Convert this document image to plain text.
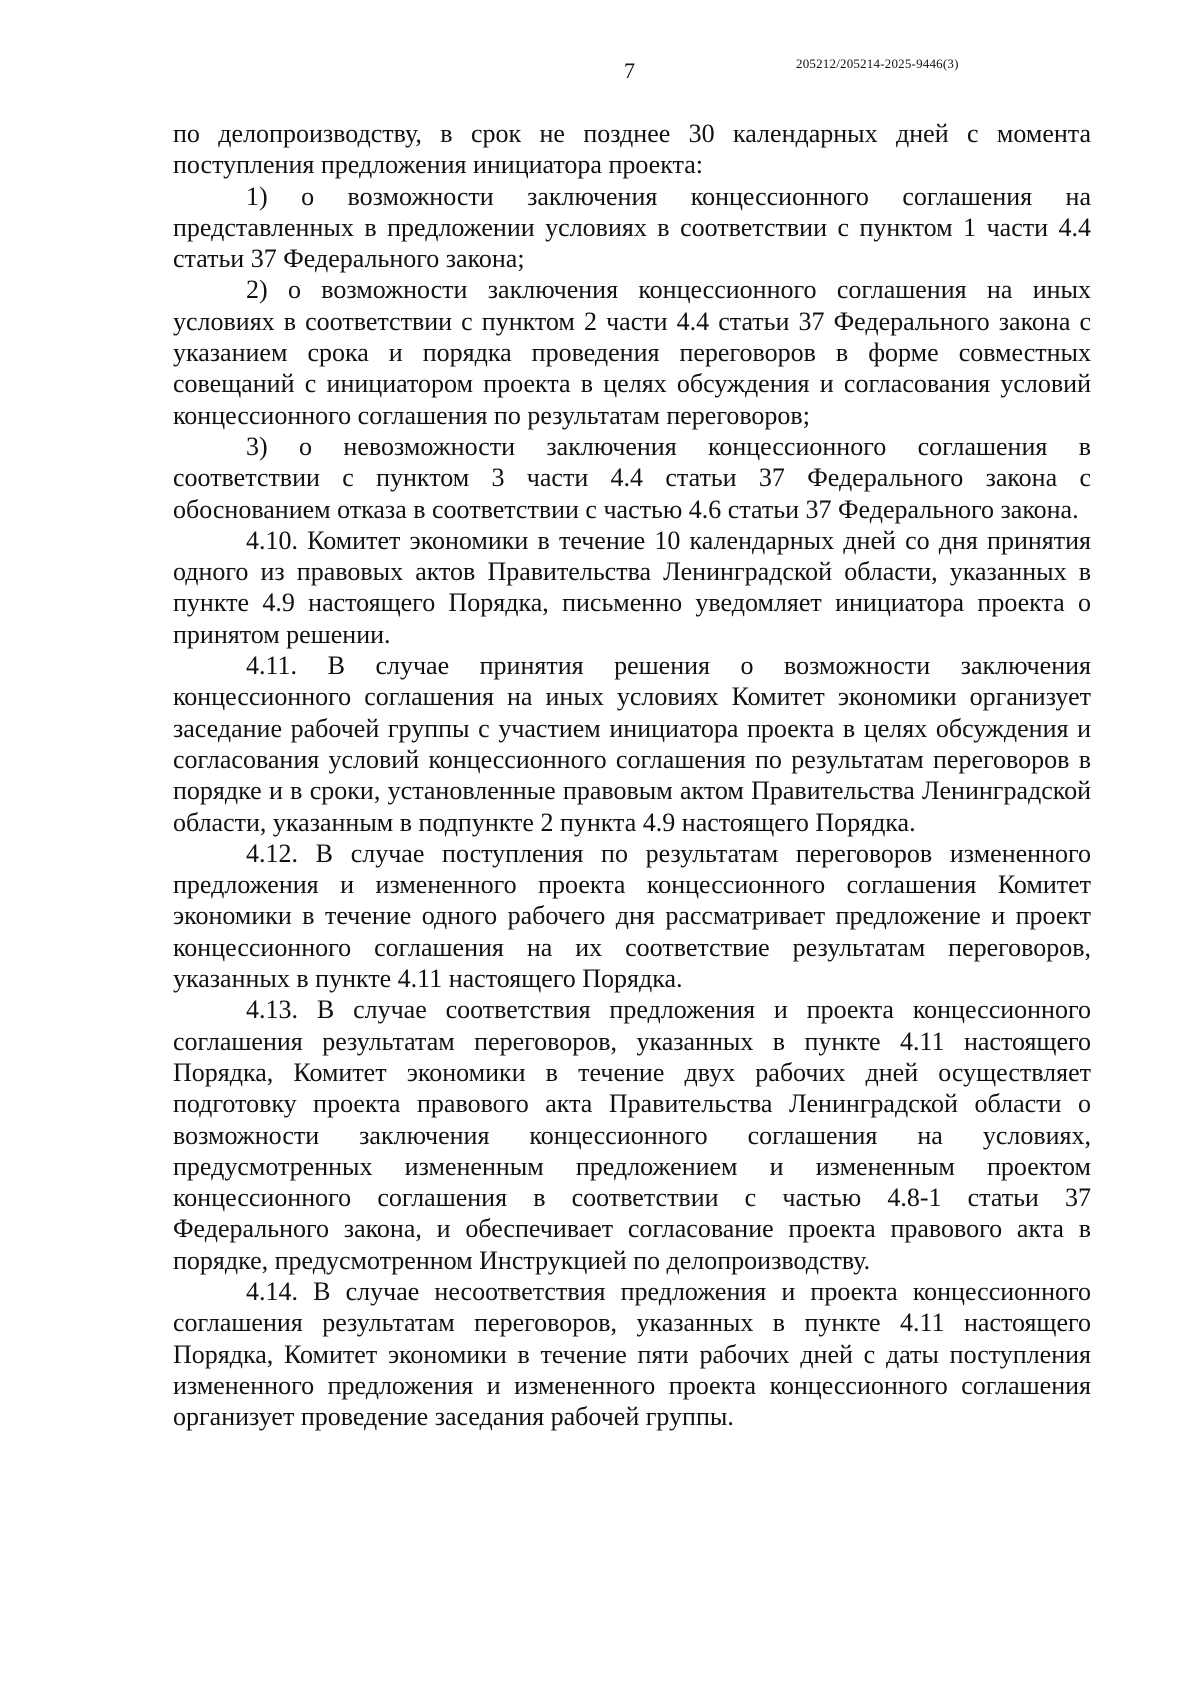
7	205212/205214-2025-9446(3)

по делопроизводству, в срок не позднее 30 календарных дней с момента поступления предложения инициатора проекта:

1) о возможности заключения концессионного соглашения на представленных в предложении условиях в соответствии с пунктом 1 части 4.4 статьи 37 Федерального закона;

2) о возможности заключения концессионного соглашения на иных условиях в соответствии с пунктом 2 части 4.4 статьи 37 Федерального закона с указанием срока и порядка проведения переговоров в форме совместных совещаний с инициатором проекта в целях обсуждения и согласования условий концессионного соглашения по результатам переговоров;

3) о невозможности заключения концессионного соглашения в соответствии с пунктом 3 части 4.4 статьи 37 Федерального закона с обоснованием отказа в соответствии с частью 4.6 статьи 37 Федерального закона.

4.10. Комитет экономики в течение 10 календарных дней со дня принятия одного из правовых актов Правительства Ленинградской области, указанных в пункте 4.9 настоящего Порядка, письменно уведомляет инициатора проекта о принятом решении.

4.11. В случае принятия решения о возможности заключения концессионного соглашения на иных условиях Комитет экономики организует заседание рабочей группы с участием инициатора проекта в целях обсуждения и согласования условий концессионного соглашения по результатам переговоров в порядке и в сроки, установленные правовым актом Правительства Ленинградской области, указанным в подпункте 2 пункта 4.9 настоящего Порядка.

4.12. В случае поступления по результатам переговоров измененного предложения и измененного проекта концессионного соглашения Комитет экономики в течение одного рабочего дня рассматривает предложение и проект концессионного соглашения на их соответствие результатам переговоров, указанных в пункте 4.11 настоящего Порядка.

4.13. В случае соответствия предложения и проекта концессионного соглашения результатам переговоров, указанных в пункте 4.11 настоящего Порядка, Комитет экономики в течение двух рабочих дней осуществляет подготовку проекта правового акта Правительства Ленинградской области о возможности заключения концессионного соглашения на условиях, предусмотренных измененным предложением и измененным проектом концессионного соглашения в соответствии с частью 4.8-1 статьи 37 Федерального закона, и обеспечивает согласование проекта правового акта в порядке, предусмотренном Инструкцией по делопроизводству.

4.14. В случае несоответствия предложения и проекта концессионного соглашения результатам переговоров, указанных в пункте 4.11 настоящего Порядка, Комитет экономики в течение пяти рабочих дней с даты поступления измененного предложения и измененного проекта концессионного соглашения организует проведение заседания рабочей группы.
